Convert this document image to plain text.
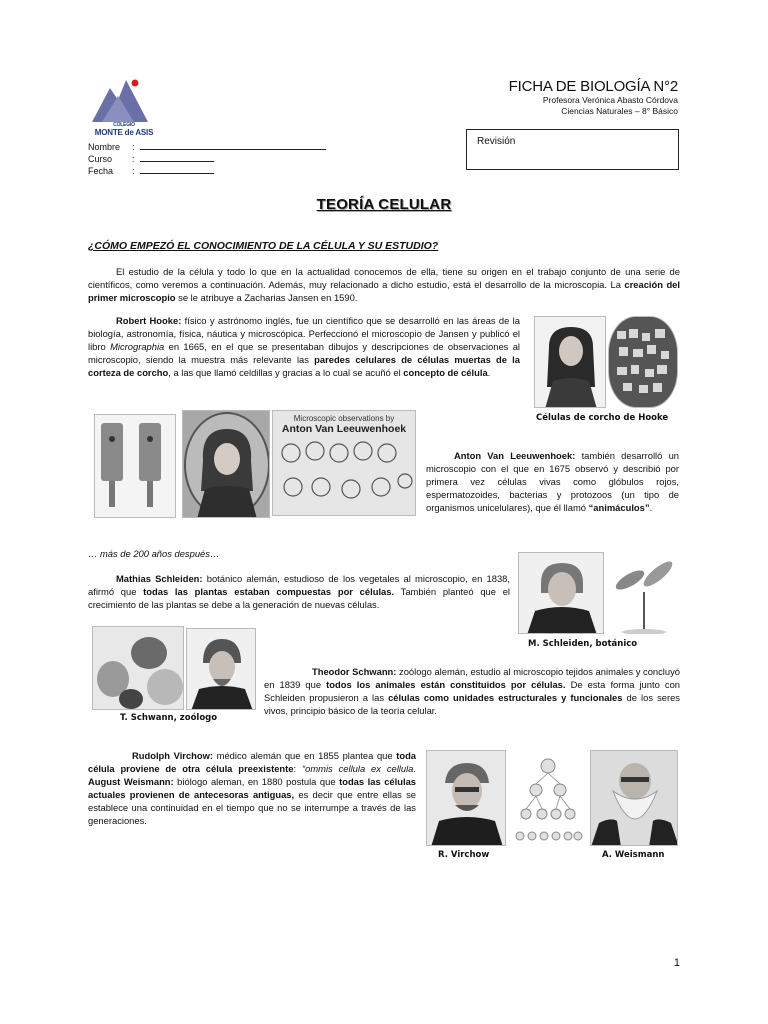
COLEGIO
MONTE de ASIS
Nombre	:
Curso	:
Fecha	:
FICHA DE BIOLOGÍA N°2
Profesora Verónica Abasto Córdova
Ciencias Naturales – 8° Básico
Revisión
TEORÍA CELULAR
¿CÓMO EMPEZÓ EL CONOCIMIENTO DE LA CÉLULA Y SU ESTUDIO?
El estudio de la célula y todo lo que en la actualidad conocemos de ella, tiene su origen en el trabajo conjunto de una serie de científicos, como veremos a continuación. Además, muy relacionado a dicho estudio, está el desarrollo de la microscopia. La creación del primer microscopio se le atribuye a Zacharias Jansen en 1590.
Robert Hooke: físico y astrónomo inglés, fue un científico que se desarrolló en las áreas de la biología, astronomía, física, náutica y microscópica. Perfeccionó el microscopio de Jansen y publicó el libro Micrographia en 1665, en el que se presentaban dibujos y descripciones de observaciones al microscopio, siendo la muestra más relevante las paredes celulares de células muertas de la corteza de corcho, a las que llamó celdillas y gracias a lo cual se acuñó el concepto de célula.
Células de corcho de Hooke
Microscopic observations by
Anton Van Leeuwenhoek
Anton Van Leeuwenhoek: también desarrolló un microscopio con el que en 1675 observó y describió por primera vez células vivas como glóbulos rojos, espermatozoides, bacterias y protozoos (un tipo de organismos unicelulares), que él llamó “animáculos”.
… más de 200 años después…
Mathias Schleiden: botánico alemán, estudioso de los vegetales al microscopio, en 1838, afirmó que todas las plantas estaban compuestas por células. También planteó que el crecimiento de las plantas se debe a la generación de nuevas células.
M. Schleiden, botánico
T. Schwann, zoólogo
Theodor Schwann: zoólogo alemán, estudio al microscopio tejidos animales y concluyó en 1839 que todos los animales están constituidos por células. De esta forma junto con Schleiden propusieron a las células como unidades estructurales y funcionales de los seres vivos, principio básico de la teoría celular.
Rudolph Virchow: médico alemán que en 1855 plantea que toda célula proviene de otra célula preexistente: “ommis cellula ex cellula. August Weismann: biólogo aleman, en 1880 postula que todas las células actuales provienen de antecesoras antiguas, es decir que entre ellas se establece una continuidad en el tiempo que no se interrumpe a través de las generaciones.
R. Virchow	A. Weismann
1
